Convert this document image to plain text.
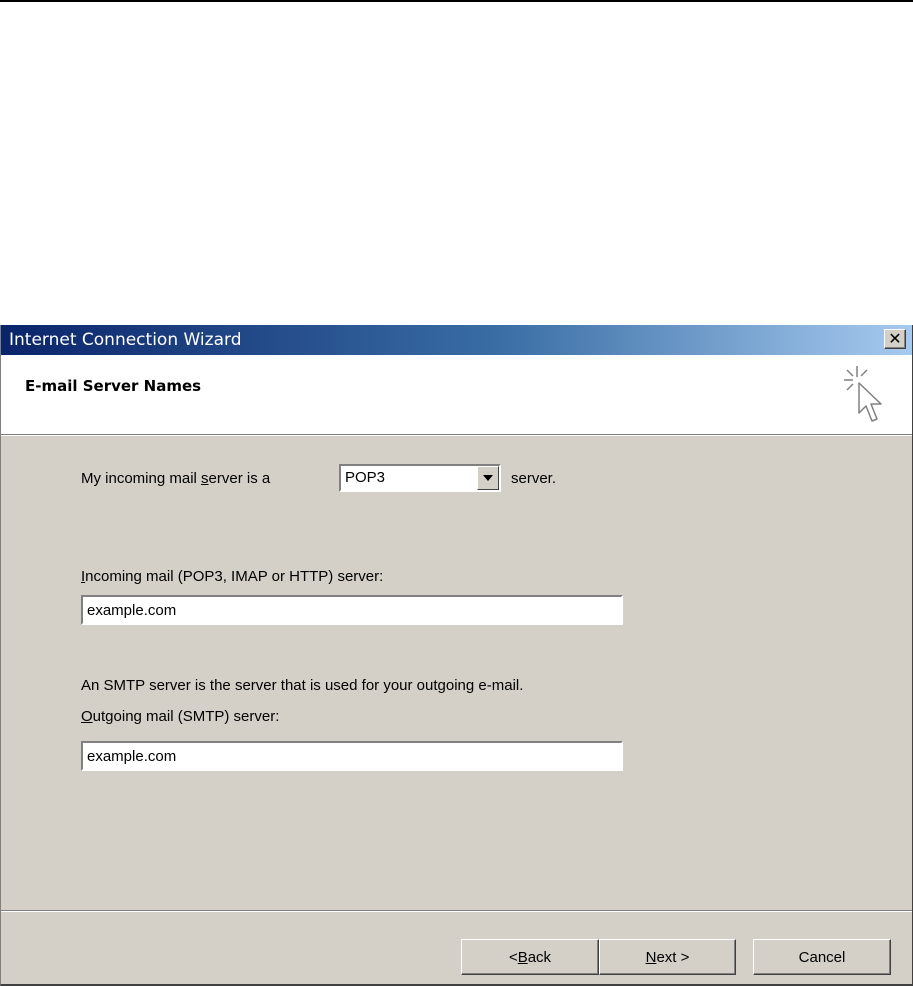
Internet Connection Wizard	✕
E-mail Server Names
My incoming mail server is a	POP3	server.
Incoming mail (POP3, IMAP or HTTP) server:
example.com
An SMTP server is the server that is used for your outgoing e-mail.
Outgoing mail (SMTP) server:
example.com
< B ack	N ext >	Cancel
